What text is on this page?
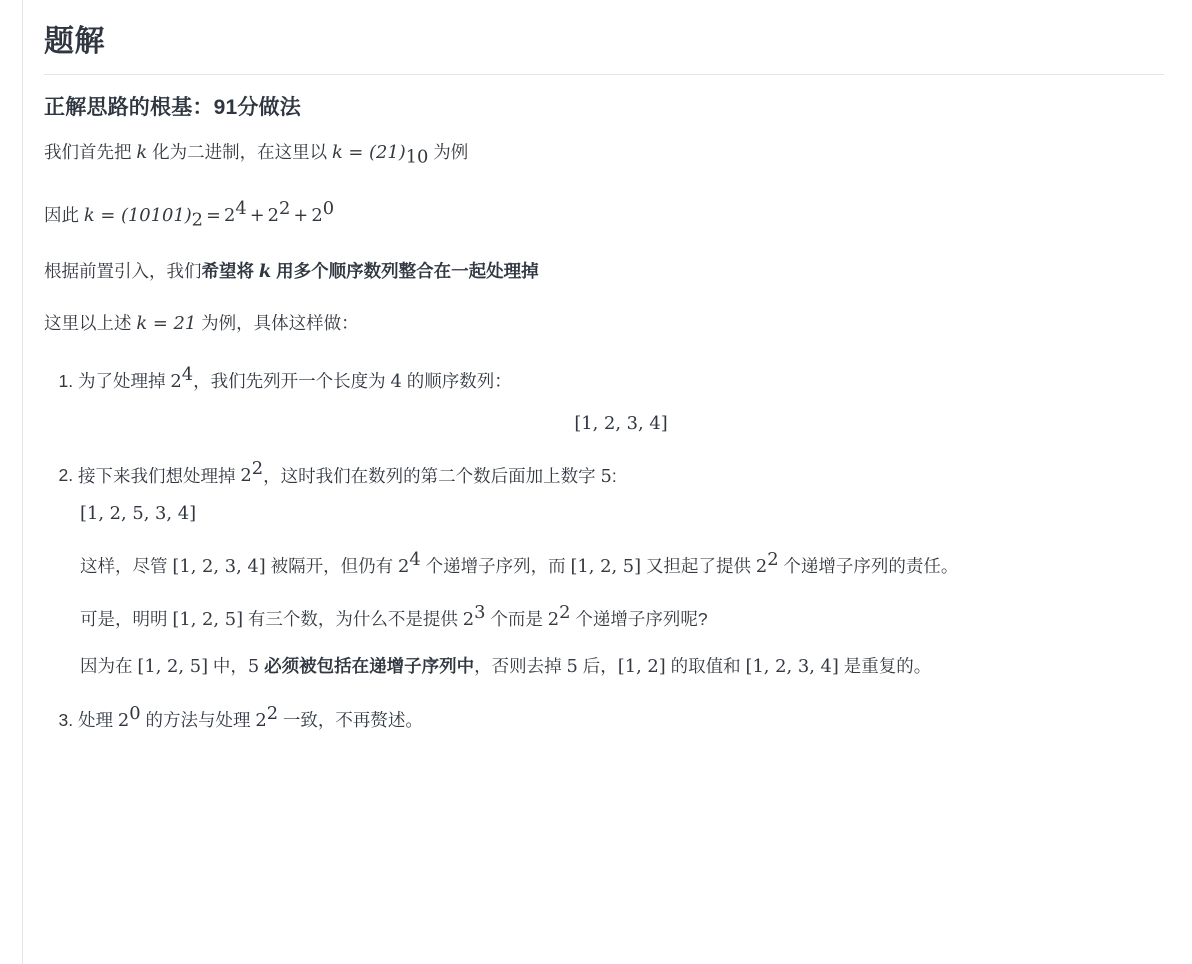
题解
正解思路的根基：91分做法

我们首先把 k 化为二进制，在这里以 $k = (21)_{10}$ 为例

因此 $k = (10101)_2 = 2^4 + 2^2 + 2^0$

根据前置引入，我们希望将 k 用多个顺序数列整合在一起处理掉

这里以上述 k = 21 为例，具体这样做：

1. 为了处理掉 $2^4$，我们先列开一个长度为 4 的顺序数列：
[1, 2, 3, 4]
2. 接下来我们想处理掉 $2^2$，这时我们在数列的第二个数后面加上数字 5:
[1, 2, 5, 3, 4]

这样，尽管 [1, 2, 3, 4] 被隔开，但仍有 $2^4$ 个递增子序列，而 [1, 2, 5] 又担起了提供 $2^2$ 个递增子序列的责任。

可是，明明 [1, 2, 5] 有三个数，为什么不是提供 $2^3$ 个而是 $2^2$ 个递增子序列呢?

因为在 [1, 2, 5] 中，5 必须被包括在递增子序列中，否则去掉 5 后，[1, 2] 的取值和 [1, 2, 3, 4] 是重复的。

3. 处理 $2^0$ 的方法与处理 $2^2$ 一致，不再赘述。
